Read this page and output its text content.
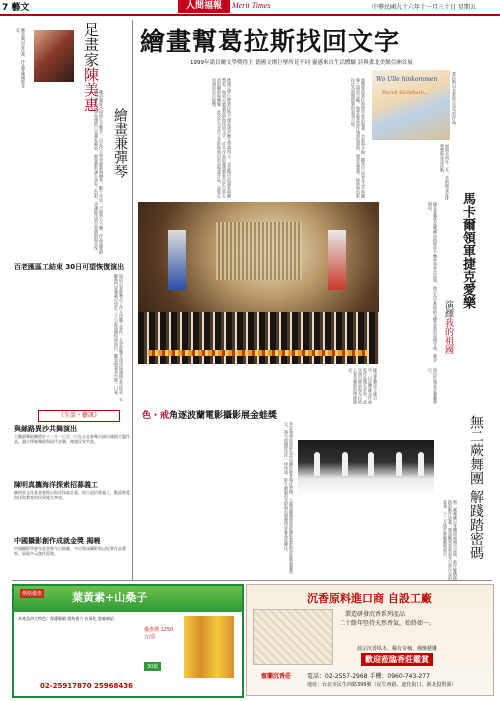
7 藝文	人間福報	Merit Times	中華民國九十六年十一月三十日 星期五
陳美惠以足作畫，作品曾獲國際肯定。	足畫家陳美惠
繪畫兼彈琴
陳美惠從小因病失去雙手，以足代手學習繪畫與鋼琴，數十年如一日地努力不懈，作品溫暖細膩，曾多次參加國際口足畫家聯展，她說藝術讓生命有了色彩，也讓她找到自我價值與喜悅。
百老匯區工結束 30日可望恢復演出
紐約百老匯舞台工作人員罷工事件，在勞資雙方達成協議後宣告結束，多齣熱門音樂劇可望於三十日起陸續恢復演出，觀眾與業者均鬆一口氣。
《生活・藝訊》
與絲路異沙共舞演出
大觀園舞蹈團將於十二月一日至二日在台北新舞台演出絲路主題作品，融合傳統舞蹈與現代音樂，邀請民眾共賞。
陳明真攜海洋探索招募義工
陳明真文化基金會推出海洋探索計畫，即日起招募義工，歡迎熱愛海洋與教育的民眾報名參加。
中國攝影創作成就金獎 揭曉
中國攝影學會年度金獎今日揭曉，多位資深攝影家以紀實作品獲獎，展現多元創作面貌。
繪畫幫葛拉斯找回文字
1999年諾貝爾文學獎得主 德國文壇巨擘所見不同 靈感來自生活體驗 詩與畫北美館亞洲首展
德國文學巨擘葛拉斯不僅是諾貝爾文學獎得主，也是傑出的畫家與雕塑家。他表示繪畫幫助他找回文字，許多作品的靈感都來自於日常生活的觀察與體驗。此次於台北市立美術館展出的詩與畫作品，是他在亞洲的首次展覽。	展覽集結葛拉斯歷年來的版畫、水彩與手稿，觀眾可以看見文字與圖像之間的交織。他曾說當寫作遇到瓶頸時，便拿起畫筆，線條與色彩往往為他開啟新的敘事可能。	Wo Ulle hinkommen
Durch Sichtbare...	葛拉斯以水彩結合詩句的作品。
展期至明年二月，美術館並安排導覽與座談活動。
馬卡爾領軍捷克愛樂
演繹我的祖國
捷克愛樂管弦樂團由指揮馬卡爾率領來台巡演，曲目為史麥塔納交響詩我的祖國全曲，樂評期待。
捷克愛樂成立逾百年，以詮釋捷克作曲家作品聞名於世，此次演出將展現布拉格之春音樂節的傳統風采。	演出於國家音樂廳舉行。
色・戒角逐波蘭電影攝影展金蛙獎
李安執導的電影色戒由攝影師普瑞托掌鏡，入圍波蘭國際電影攝影藝術節金蛙獎競賽單元，與多部國際佳作一同角逐，影片細膩的光影與色調獲得評審高度關注。	無二蕨舞團 解踐踏密碼
無二蕨舞團以身體探索城市記憶，新作解構踐踏的動作語彙，邀請觀眾重新思考日常行走的意義，十二月將於實驗劇場演出。
價格優惠	葉黃素+山桑子
本產品四大特色：保護眼睛 維持視力 抗氧化 營養補給
優惠價 1250元/盒
30錠
02-25917870 25968436
沉香原料進口商 自設工廠
製造研發沉香系列產品
二十餘年堅持天然香氣，始終如一。
晨宗沉香臥木、稀有奇楠、佛像藝雕
歡迎蒞臨香莊鑑賞
蜜蘭沉香莊	電話：02-2557-2968 手機：0960-743-277
地址：台北市民生西路399號（民生西路、迪化街口，新北投對面）
